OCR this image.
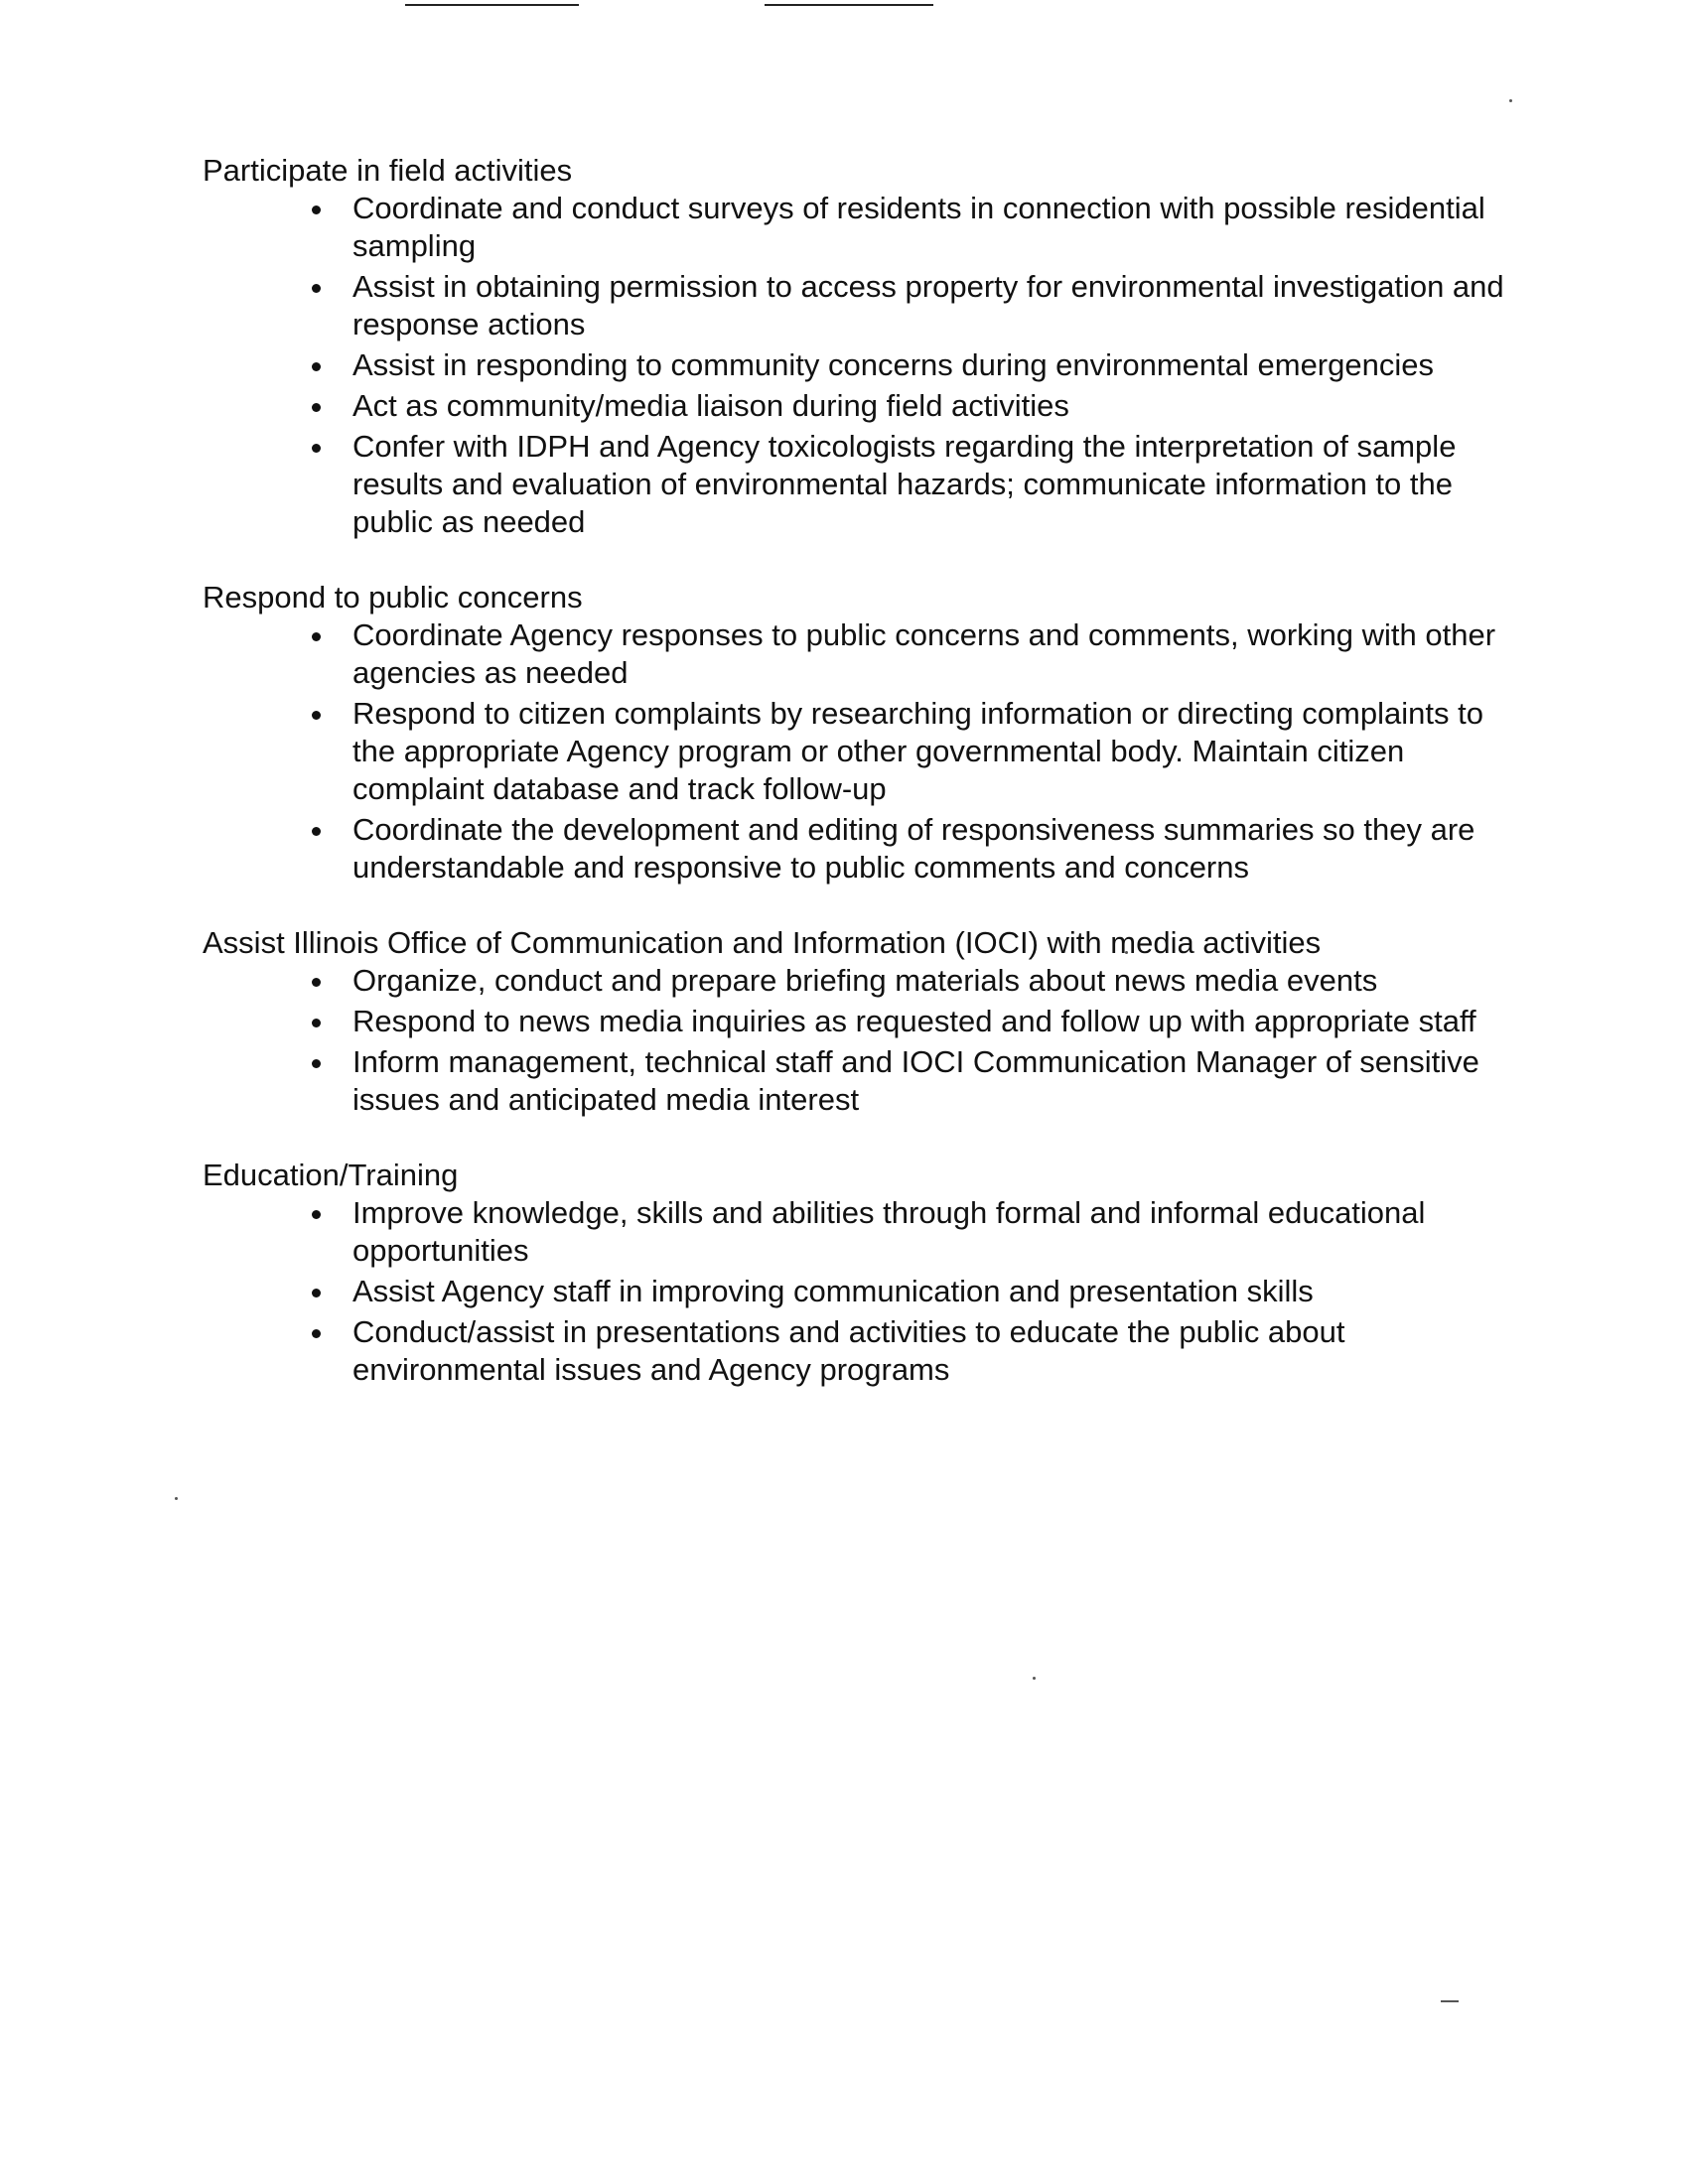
Participate in field activities

Coordinate and conduct surveys of residents in connection with possible residential sampling
Assist in obtaining permission to access property for environmental investigation and response actions
Assist in responding to community concerns during environmental emergencies
Act as community/media liaison during field activities
Confer with IDPH and Agency toxicologists regarding the interpretation of sample results and evaluation of environmental hazards; communicate information to the public as needed

Respond to public concerns

Coordinate Agency responses to public concerns and comments, working with other agencies as needed
Respond to citizen complaints by researching information or directing complaints to the appropriate Agency program or other governmental body. Maintain citizen complaint database and track follow-up
Coordinate the development and editing of responsiveness summaries so they are understandable and responsive to public comments and concerns

Assist Illinois Office of Communication and Information (IOCI) with media activities

Organize, conduct and prepare briefing materials about news media events
Respond to news media inquiries as requested and follow up with appropriate staff
Inform management, technical staff and IOCI Communication Manager of sensitive issues and anticipated media interest

Education/Training

Improve knowledge, skills and abilities through formal and informal educational opportunities
Assist Agency staff in improving communication and presentation skills
Conduct/assist in presentations and activities to educate the public about environmental issues and Agency programs
